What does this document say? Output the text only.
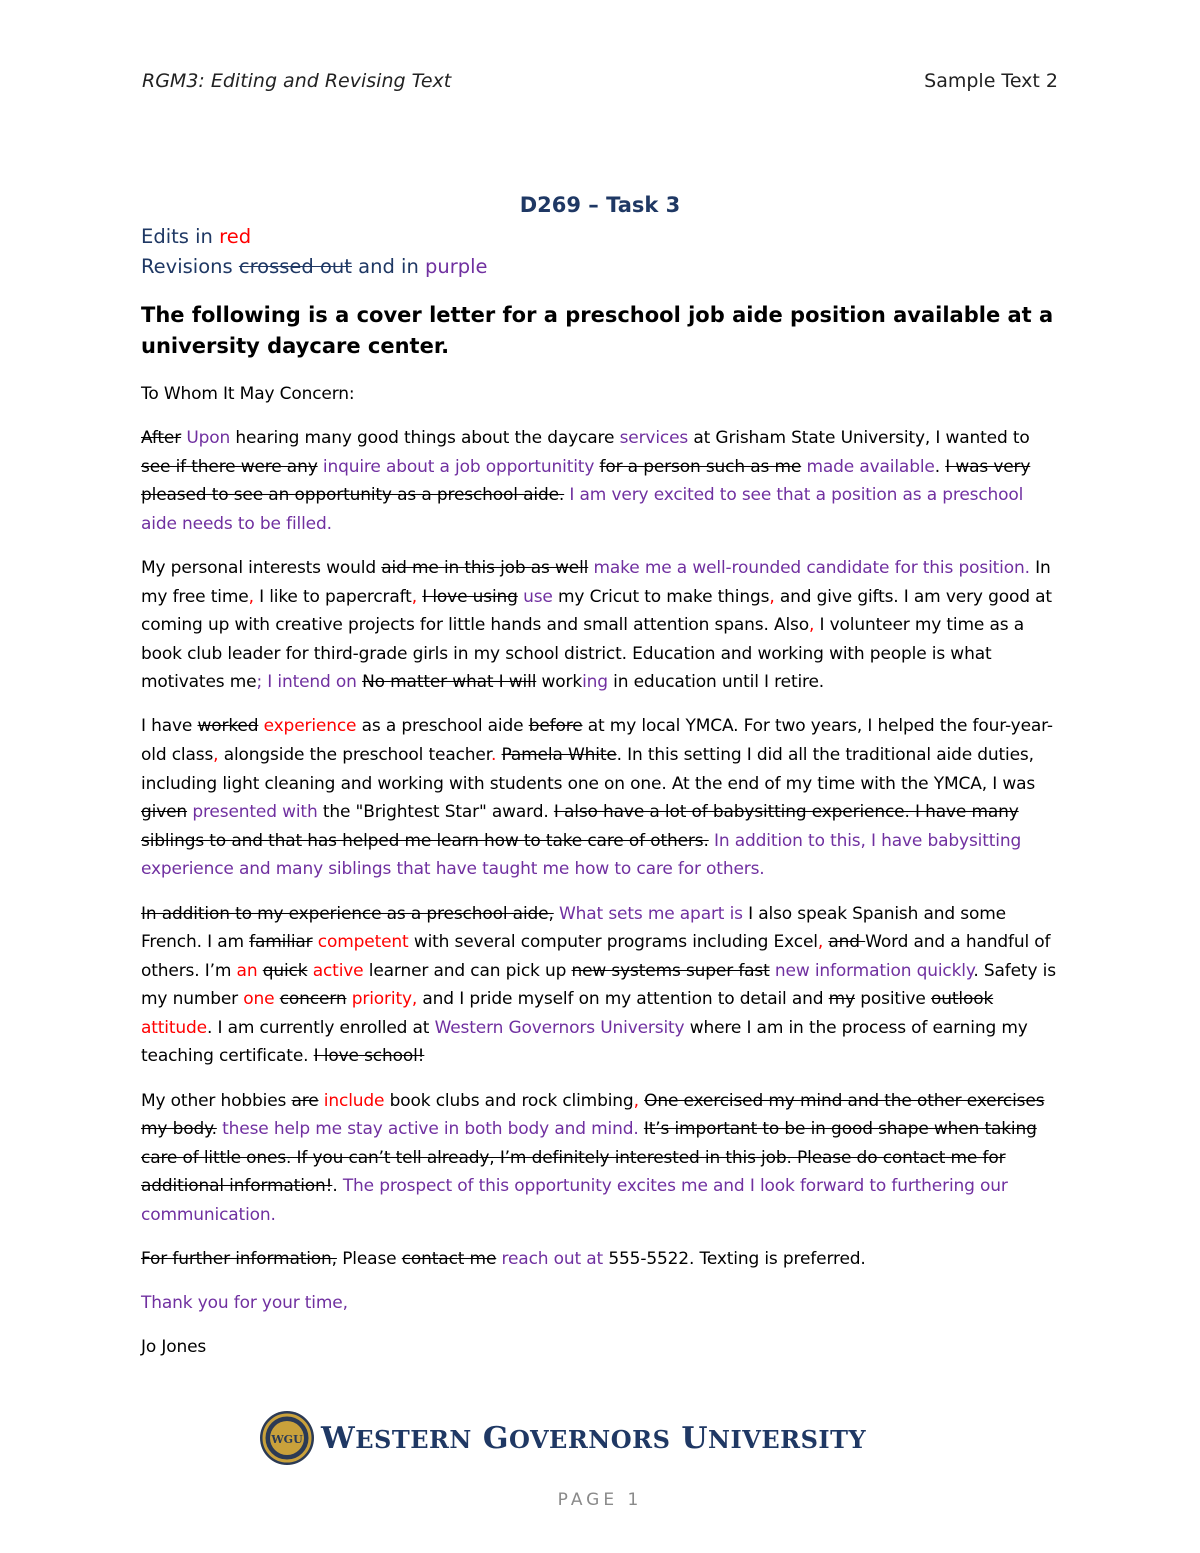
RGM3: Editing and Revising Text	Sample Text 2
D269 – Task 3
Edits in red
Revisions crossed out and in purple
The following is a cover letter for a preschool job aide position available at a university daycare center.

To Whom It May Concern:

After Upon hearing many good things about the daycare services at Grisham State University, I wanted to see if there were any inquire about a job opportunitity for a person such as me made available. I was very pleased to see an opportunity as a preschool aide. I am very excited to see that a position as a preschool aide needs to be filled.

My personal interests would aid me in this job as well make me a well-rounded candidate for this position. In my free time, I like to papercraft, I love using use my Cricut to make things, and give gifts. I am very good at coming up with creative projects for little hands and small attention spans. Also, I volunteer my time as a book club leader for third-grade girls in my school district. Education and working with people is what motivates me; I intend on No matter what I will working in education until I retire.

I have worked experience as a preschool aide before at my local YMCA. For two years, I helped the four-year-old class, alongside the preschool teacher. Pamela White. In this setting I did all the traditional aide duties, including light cleaning and working with students one on one. At the end of my time with the YMCA, I was given presented with the "Brightest Star" award. I also have a lot of babysitting experience. I have many siblings to and that has helped me learn how to take care of others. In addition to this, I have babysitting experience and many siblings that have taught me how to care for others.

In addition to my experience as a preschool aide, What sets me apart is I also speak Spanish and some French. I am familiar competent with several computer programs including Excel, and Word and a handful of others. I’m an quick active learner and can pick up new systems super fast new information quickly. Safety is my number one concern priority, and I pride myself on my attention to detail and my positive outlook attitude. I am currently enrolled at Western Governors University where I am in the process of earning my teaching certificate. I love school!

My other hobbies are include book clubs and rock climbing, One exercised my mind and the other exercises my body. these help me stay active in both body and mind. It’s important to be in good shape when taking care of little ones. If you can’t tell already, I’m definitely interested in this job. Please do contact me for additional information!. The prospect of this opportunity excites me and I look forward to furthering our communication.

For further information, Please contact me reach out at 555-5522. Texting is preferred.

Thank you for your time,

Jo Jones

WGU WESTERN GOVERNORS UNIVERSITY
PAGE 1
